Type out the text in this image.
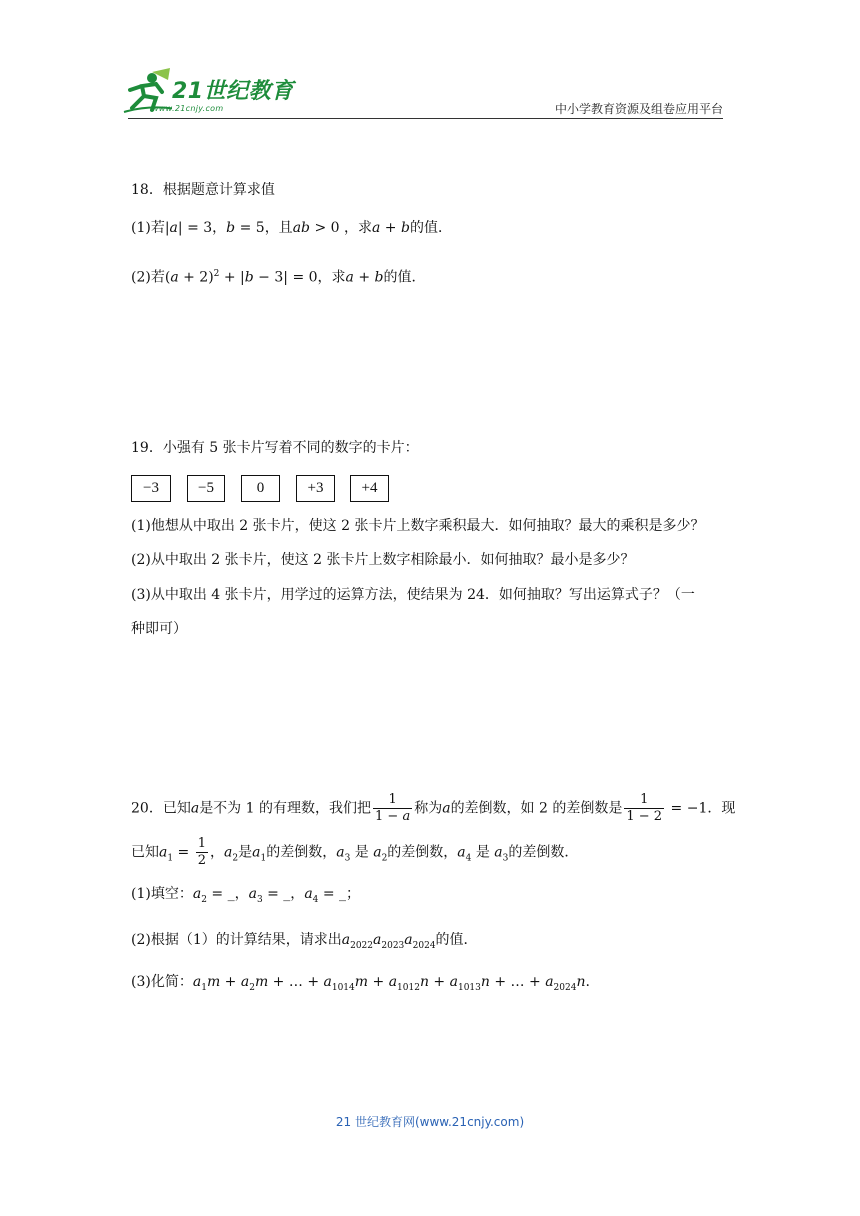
21世纪教育
www.21cnjy.com	中小学教育资源及组卷应用平台
18．根据题意计算求值
(1)若|a| = 3，b = 5，且ab > 0 ，求a + b的值．
(2)若$(a + 2)^2 + |b - 3| = 0$，求a + b的值．
19．小强有 5 张卡片写着不同的数字的卡片：
−3	−5	0	+3	+4
(1)他想从中取出 2 张卡片，使这 2 张卡片上数字乘积最大．如何抽取？最大的乘积是多少？
(2)从中取出 2 张卡片，使这 2 张卡片上数字相除最小．如何抽取？最小是多少？
(3)从中取出 4 张卡片，用学过的运算方法，使结果为 24．如何抽取？写出运算式子？（一
种即可）
20．已知a是不为 1 的有理数，我们把 $\frac{1}{1 - a}$ 称为a的差倒数，如 2 的差倒数是 $\frac{1}{1 - 2} = -1$．现
已知$a_1 = \frac{1}{2}$ ，$a_2$是$a_1$的差倒数，$a_3$ 是 $a_2$的差倒数，$a_4$ 是 $a_3$的差倒数．
(1)填空：$a_2$ = _，$a_3$ = _，$a_4$ = _；
(2)根据（1）的计算结果，请求出$a_{2022}a_{2023}a_{2024}$的值．
(3)化简：$a_1m + a_2m$ + … + $a_{1014}m + a_{1012}n + a_{1013}n$ + … + $a_{2024}n$.
21 世纪教育网(www.21cnjy.com)
